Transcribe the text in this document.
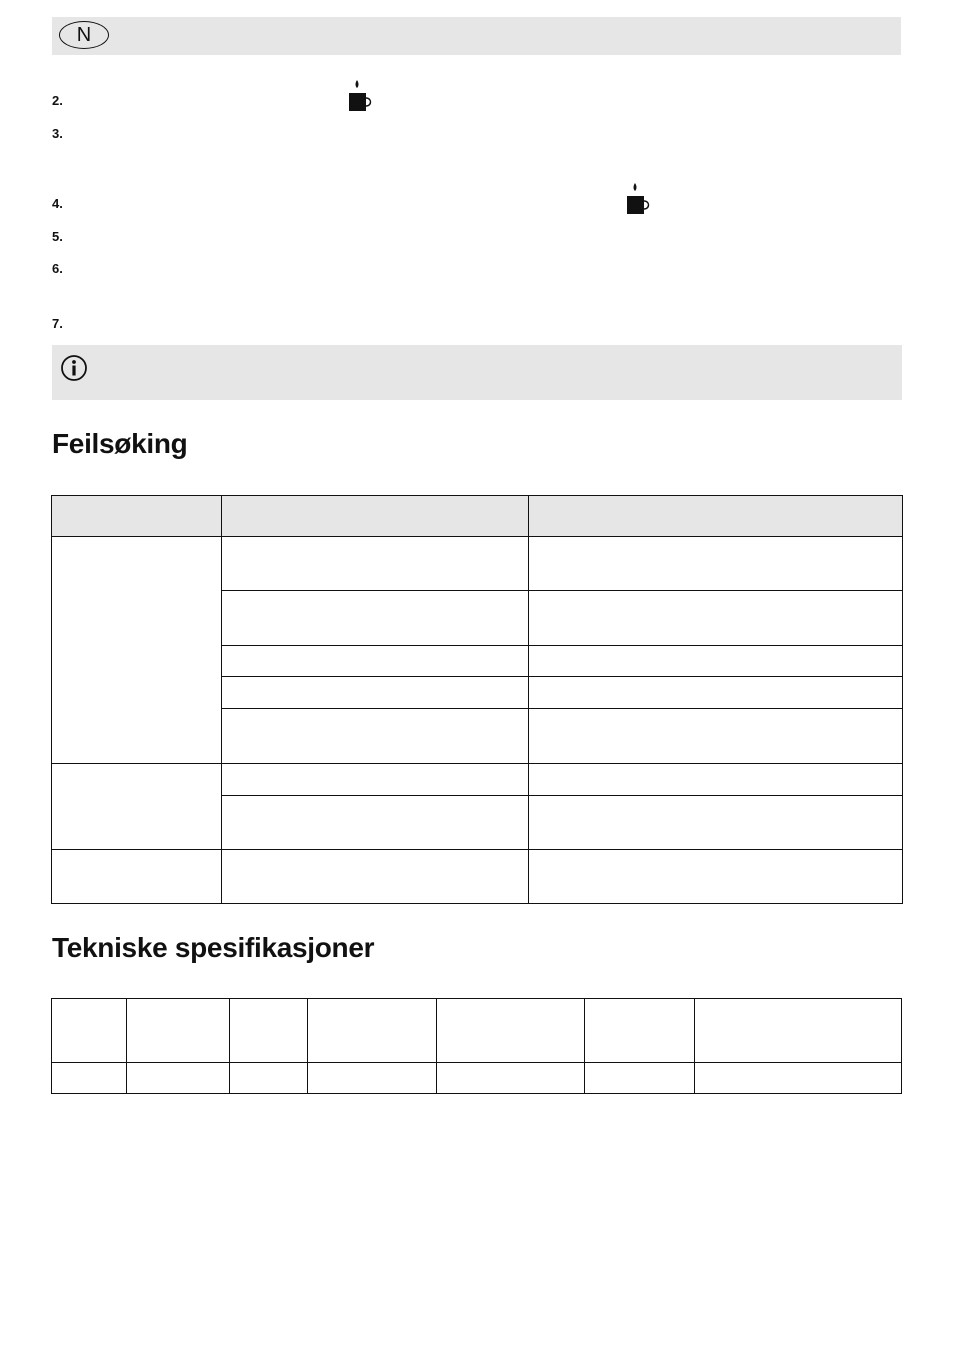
N
2.
3.
4.
5.
6.
7.
Feilsøking

Tekniske spesifikasjoner
